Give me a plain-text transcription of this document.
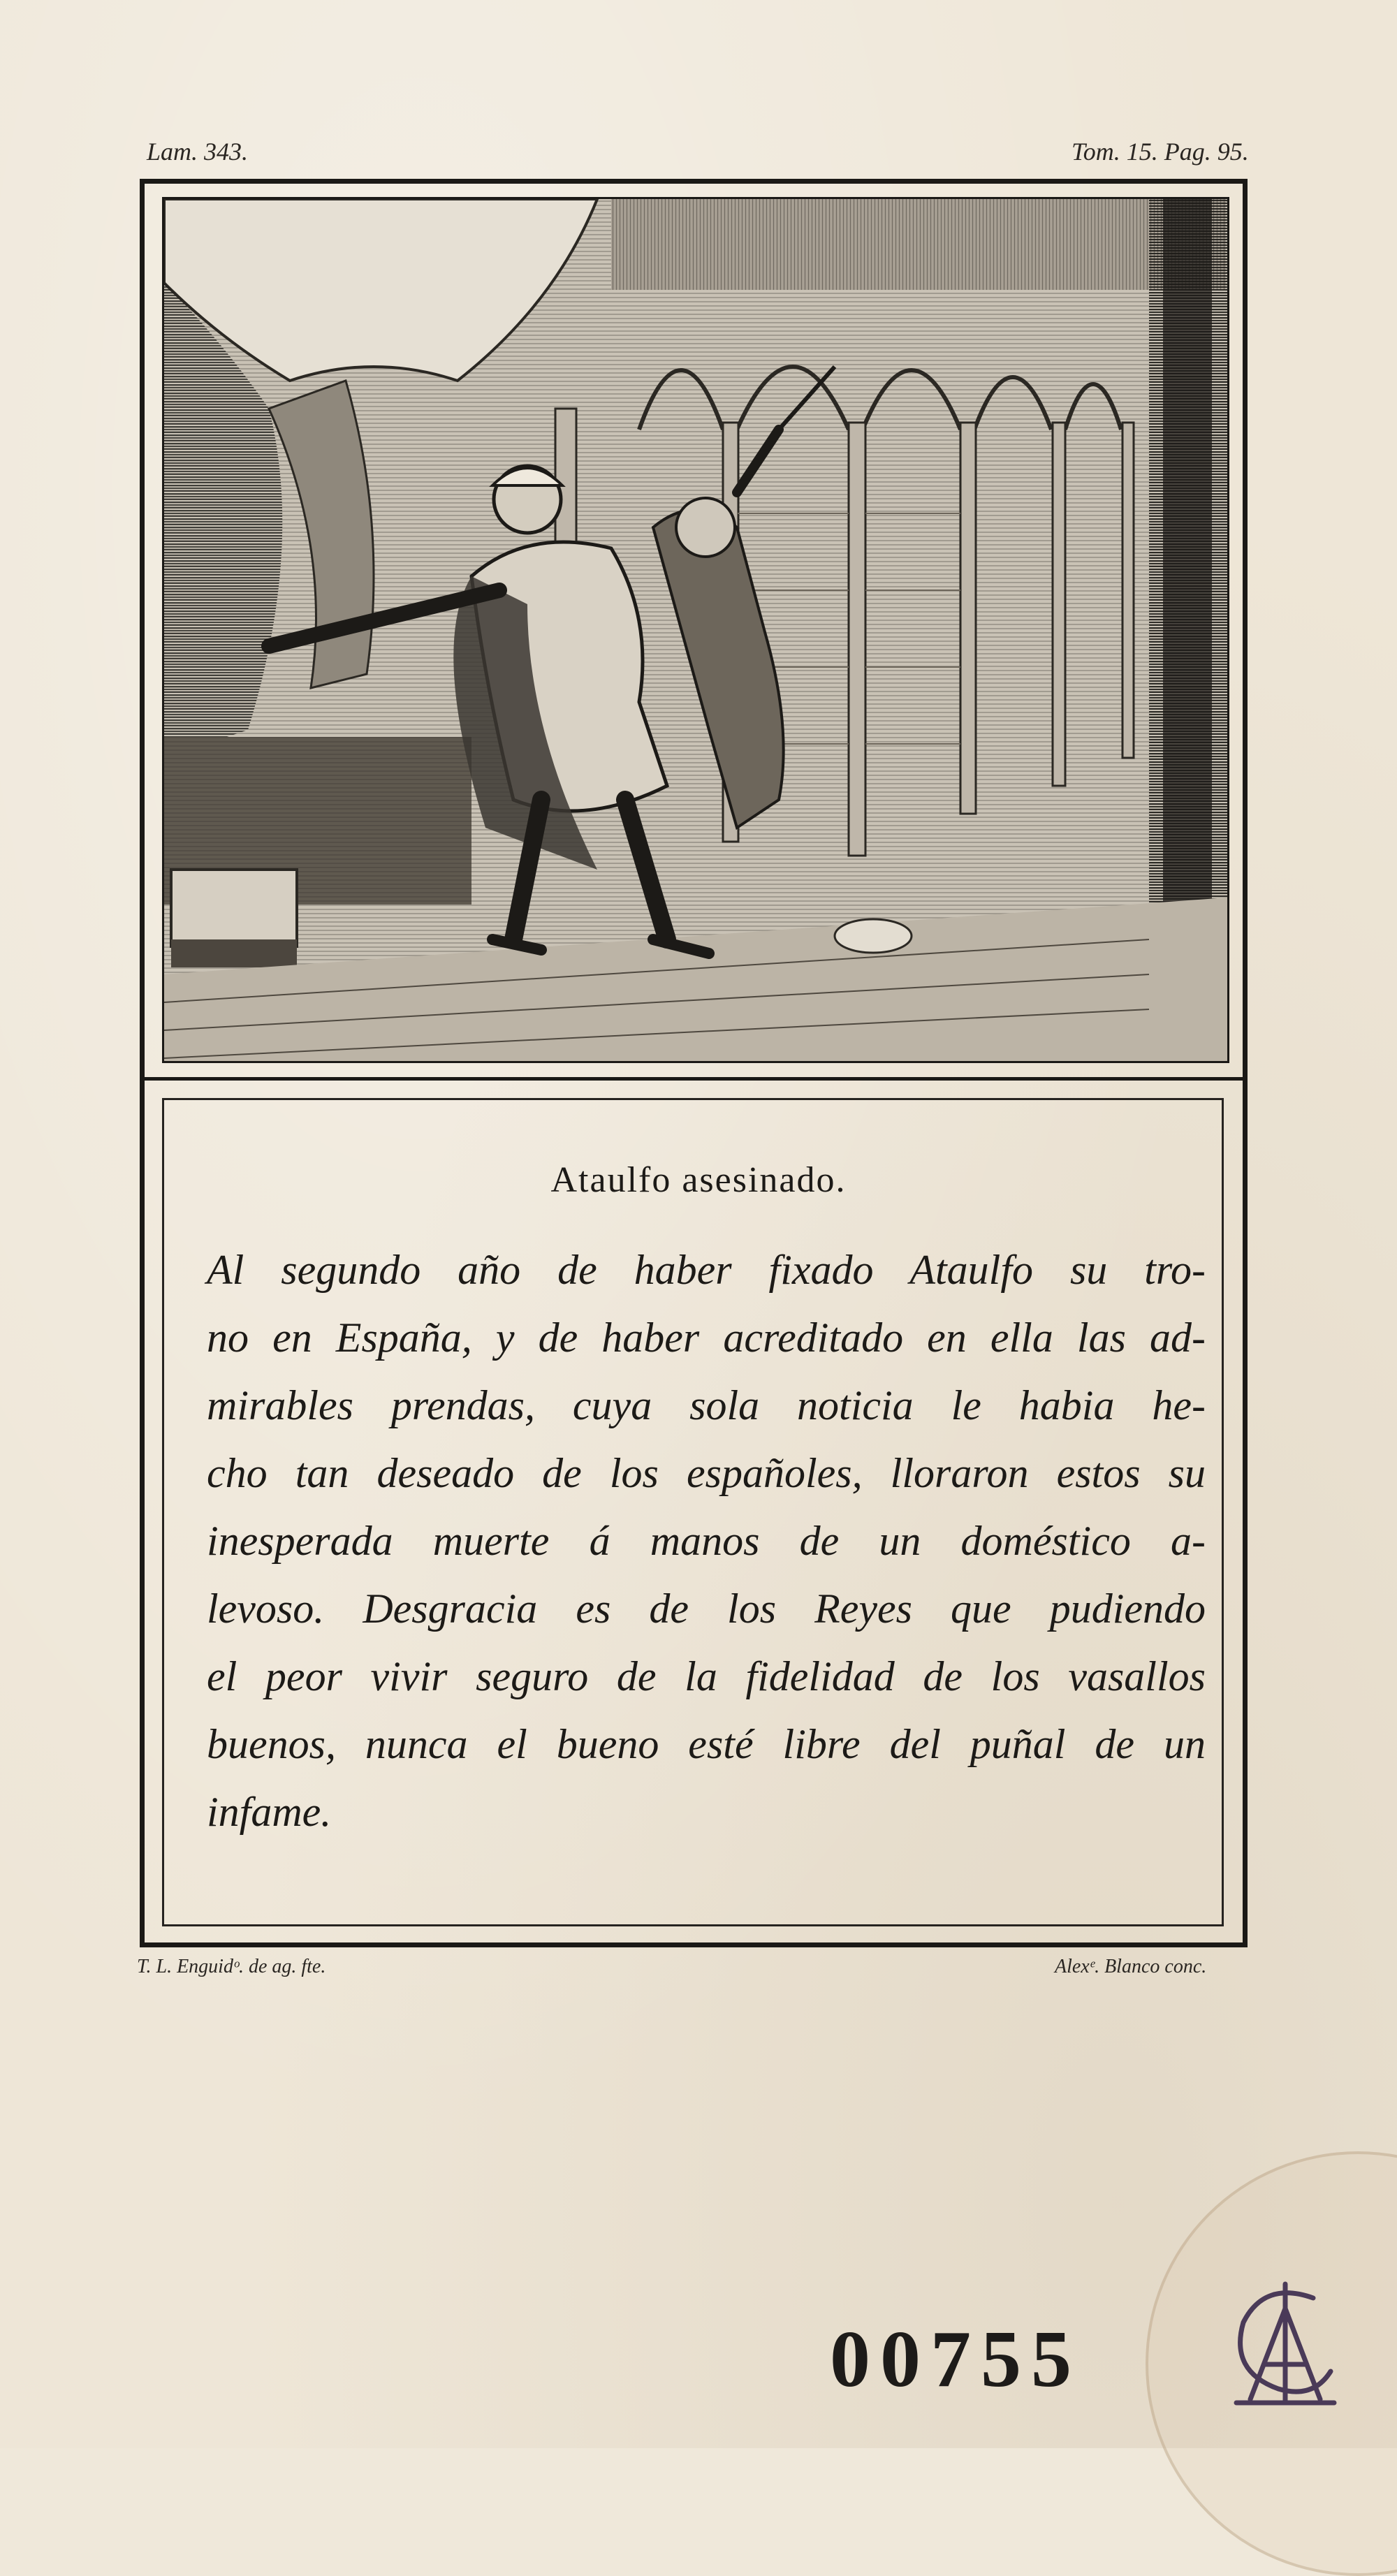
Lam. 343.	Tom. 15. Pag. 95.
Ataulfo asesinado.
Al segundo año de haber fixado Ataulfo su tro-
no en España, y de haber acreditado en ella las ad-
mirables prendas, cuya sola noticia le habia he-
cho tan deseado de los españoles, lloraron estos su
inesperada muerte á manos de un doméstico a-
levoso. Desgracia es de los Reyes que pudiendo
el peor vivir seguro de la fidelidad de los vasallos
buenos, nunca el bueno esté libre del puñal de un
infame.
T. L. Enguidᵒ. de ag. fte.	Alexᵉ. Blanco conc.
00755
